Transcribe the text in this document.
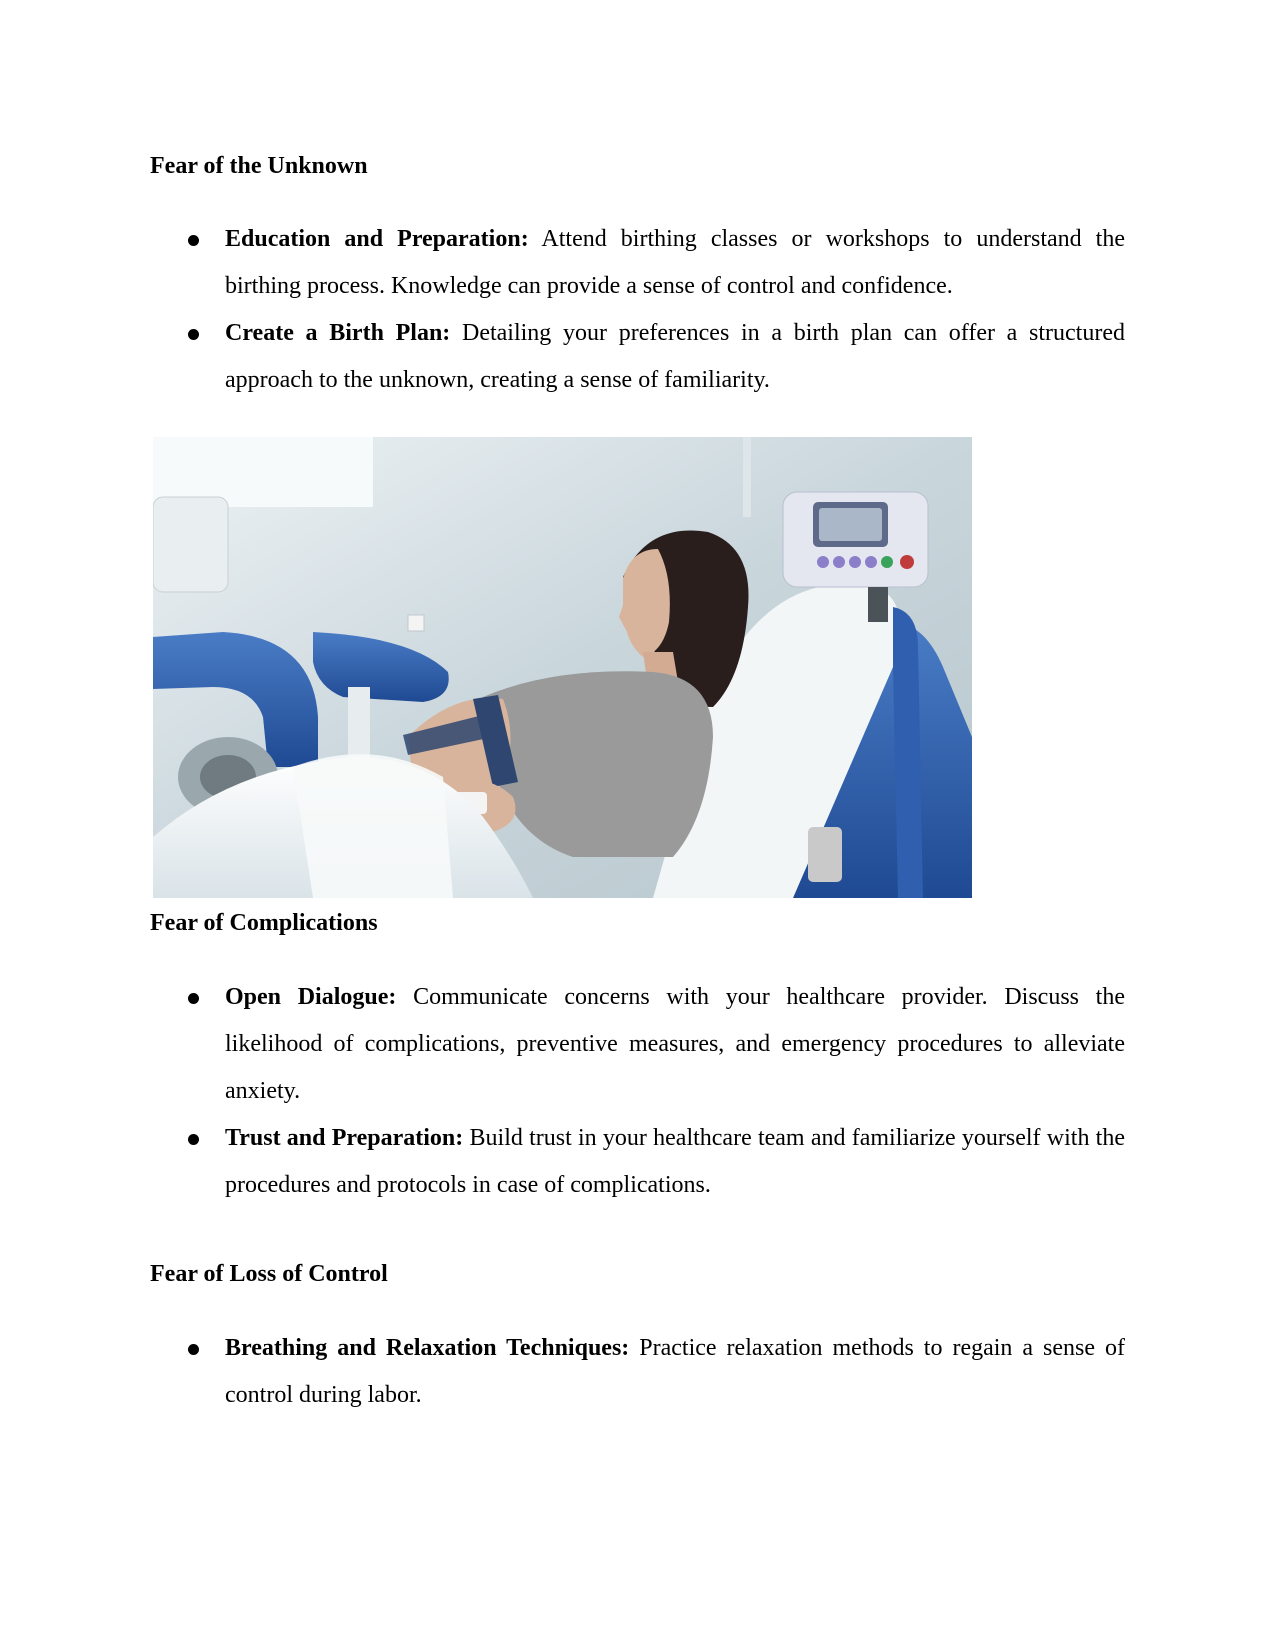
Fear of the Unknown
Education and Preparation: Attend birthing classes or workshops to understand the birthing process. Knowledge can provide a sense of control and confidence.
Create a Birth Plan: Detailing your preferences in a birth plan can offer a structured approach to the unknown, creating a sense of familiarity.
Fear of Complications
Open Dialogue: Communicate concerns with your healthcare provider. Discuss the likelihood of complications, preventive measures, and emergency procedures to alleviate anxiety.
Trust and Preparation: Build trust in your healthcare team and familiarize yourself with the procedures and protocols in case of complications.
Fear of Loss of Control
Breathing and Relaxation Techniques: Practice relaxation methods to regain a sense of control during labor.
